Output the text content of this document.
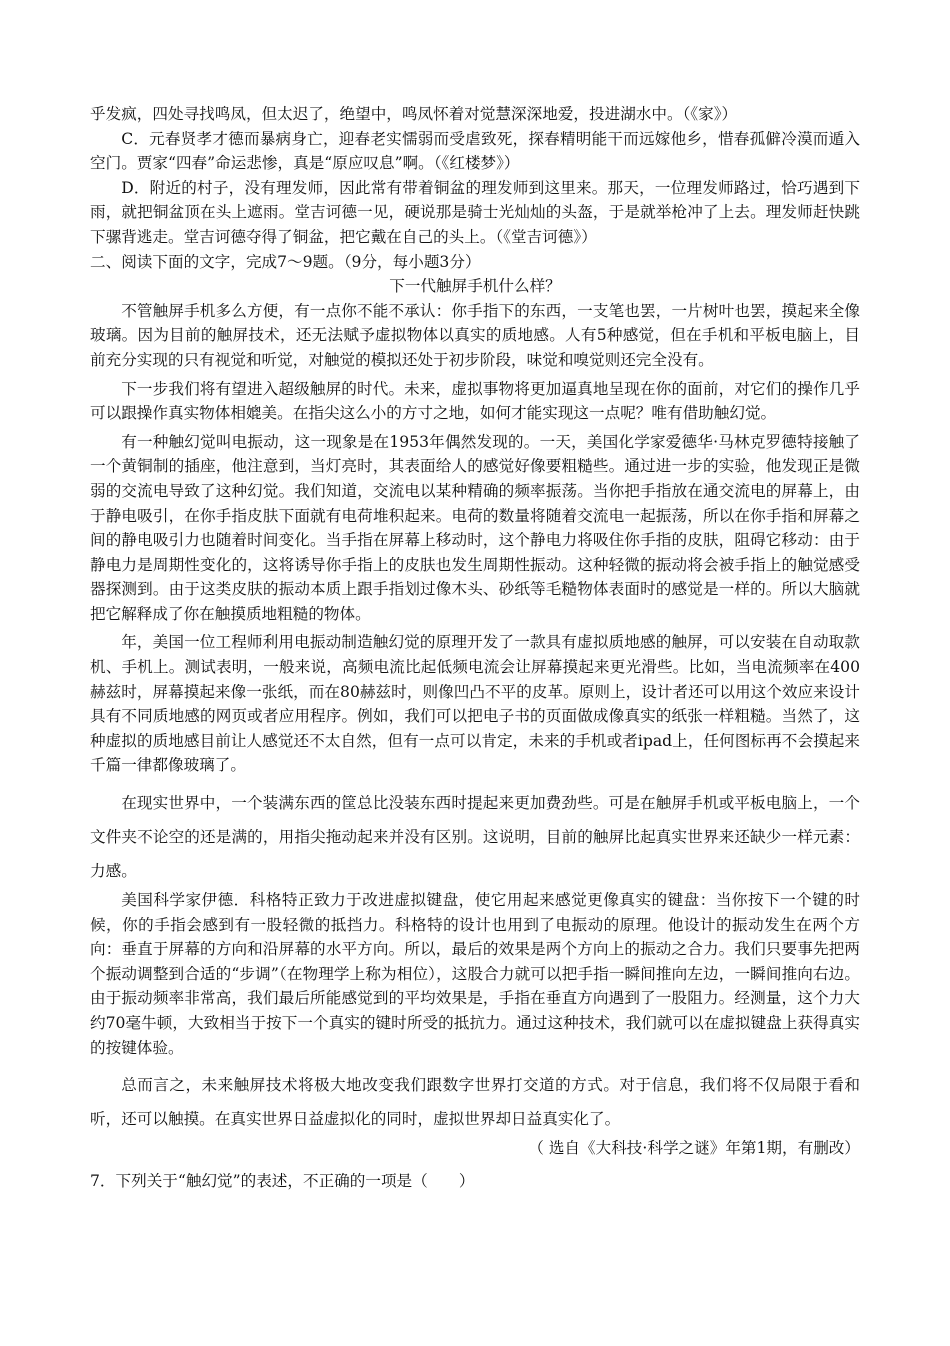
乎发疯，四处寻找鸣凤，但太迟了，绝望中，鸣凤怀着对觉慧深深地爱，投进湖水中。（《家》）

C．元春贤孝才德而暴病身亡，迎春老实懦弱而受虐致死，探春精明能干而远嫁他乡，惜春孤僻冷漠而遁入空门。贾家“四春”命运悲惨，真是“原应叹息”啊。（《红楼梦》）

D．附近的村子，没有理发师，因此常有带着铜盆的理发师到这里来。那天，一位理发师路过，恰巧遇到下雨，就把铜盆顶在头上遮雨。堂吉诃德一见，硬说那是骑士光灿灿的头盔，于是就举枪冲了上去。理发师赶快跳下骡背逃走。堂吉诃德夺得了铜盆，把它戴在自己的头上。（《堂吉诃德》）

二、阅读下面的文字，完成7～9题。（9分，每小题3分）

下一代触屏手机什么样？

不管触屏手机多么方便，有一点你不能不承认：你手指下的东西，一支笔也罢，一片树叶也罢，摸起来全像玻璃。因为目前的触屏技术，还无法赋予虚拟物体以真实的质地感。人有5种感觉，但在手机和平板电脑上，目前充分实现的只有视觉和听觉，对触觉的模拟还处于初步阶段，味觉和嗅觉则还完全没有。

下一步我们将有望进入超级触屏的时代。未来，虚拟事物将更加逼真地呈现在你的面前，对它们的操作几乎可以跟操作真实物体相媲美。在指尖这么小的方寸之地，如何才能实现这一点呢？唯有借助触幻觉。

有一种触幻觉叫电振动，这一现象是在1953年偶然发现的。一天，美国化学家爱德华·马林克罗德特接触了一个黄铜制的插座，他注意到，当灯亮时，其表面给人的感觉好像要粗糙些。通过进一步的实验，他发现正是微弱的交流电导致了这种幻觉。我们知道，交流电以某种精确的频率振荡。当你把手指放在通交流电的屏幕上，由于静电吸引，在你手指皮肤下面就有电荷堆积起来。电荷的数量将随着交流电一起振荡，所以在你手指和屏幕之间的静电吸引力也随着时间变化。当手指在屏幕上移动时，这个静电力将吸住你手指的皮肤，阻碍它移动：由于静电力是周期性变化的，这将诱导你手指上的皮肤也发生周期性振动。这种轻微的振动将会被手指上的触觉感受器探测到。由于这类皮肤的振动本质上跟手指划过像木头、砂纸等毛糙物体表面时的感觉是一样的。所以大脑就把它解释成了你在触摸质地粗糙的物体。

年，美国一位工程师利用电振动制造触幻觉的原理开发了一款具有虚拟质地感的触屏，可以安装在自动取款机、手机上。测试表明，一般来说，高频电流比起低频电流会让屏幕摸起来更光滑些。比如，当电流频率在400赫兹时，屏幕摸起来像一张纸，而在80赫兹时，则像凹凸不平的皮革。原则上，设计者还可以用这个效应来设计具有不同质地感的网页或者应用程序。例如，我们可以把电子书的页面做成像真实的纸张一样粗糙。当然了，这种虚拟的质地感目前让人感觉还不太自然，但有一点可以肯定，未来的手机或者ipad上，任何图标再不会摸起来千篇一律都像玻璃了。

在现实世界中，一个装满东西的筐总比没装东西时提起来更加费劲些。可是在触屏手机或平板电脑上，一个文件夹不论空的还是满的，用指尖拖动起来并没有区别。这说明，目前的触屏比起真实世界来还缺少一样元素：力感。

美国科学家伊德．科格特正致力于改进虚拟键盘，使它用起来感觉更像真实的键盘：当你按下一个键的时候，你的手指会感到有一股轻微的抵挡力。科格特的设计也用到了电振动的原理。他设计的振动发生在两个方向：垂直于屏幕的方向和沿屏幕的水平方向。所以，最后的效果是两个方向上的振动之合力。我们只要事先把两个振动调整到合适的“步调”（在物理学上称为相位），这股合力就可以把手指一瞬间推向左边，一瞬间推向右边。由于振动频率非常高，我们最后所能感觉到的平均效果是，手指在垂直方向遇到了一股阻力。经测量，这个力大约70毫牛顿，大致相当于按下一个真实的键时所受的抵抗力。通过这种技术，我们就可以在虚拟键盘上获得真实的按键体验。

总而言之，未来触屏技术将极大地改变我们跟数字世界打交道的方式。对于信息，我们将不仅局限于看和听，还可以触摸。在真实世界日益虚拟化的同时，虚拟世界却日益真实化了。

（ 选自《大科技·科学之谜》年第1期，有删改）

7．下列关于“触幻觉”的表述，不正确的一项是（　　）
